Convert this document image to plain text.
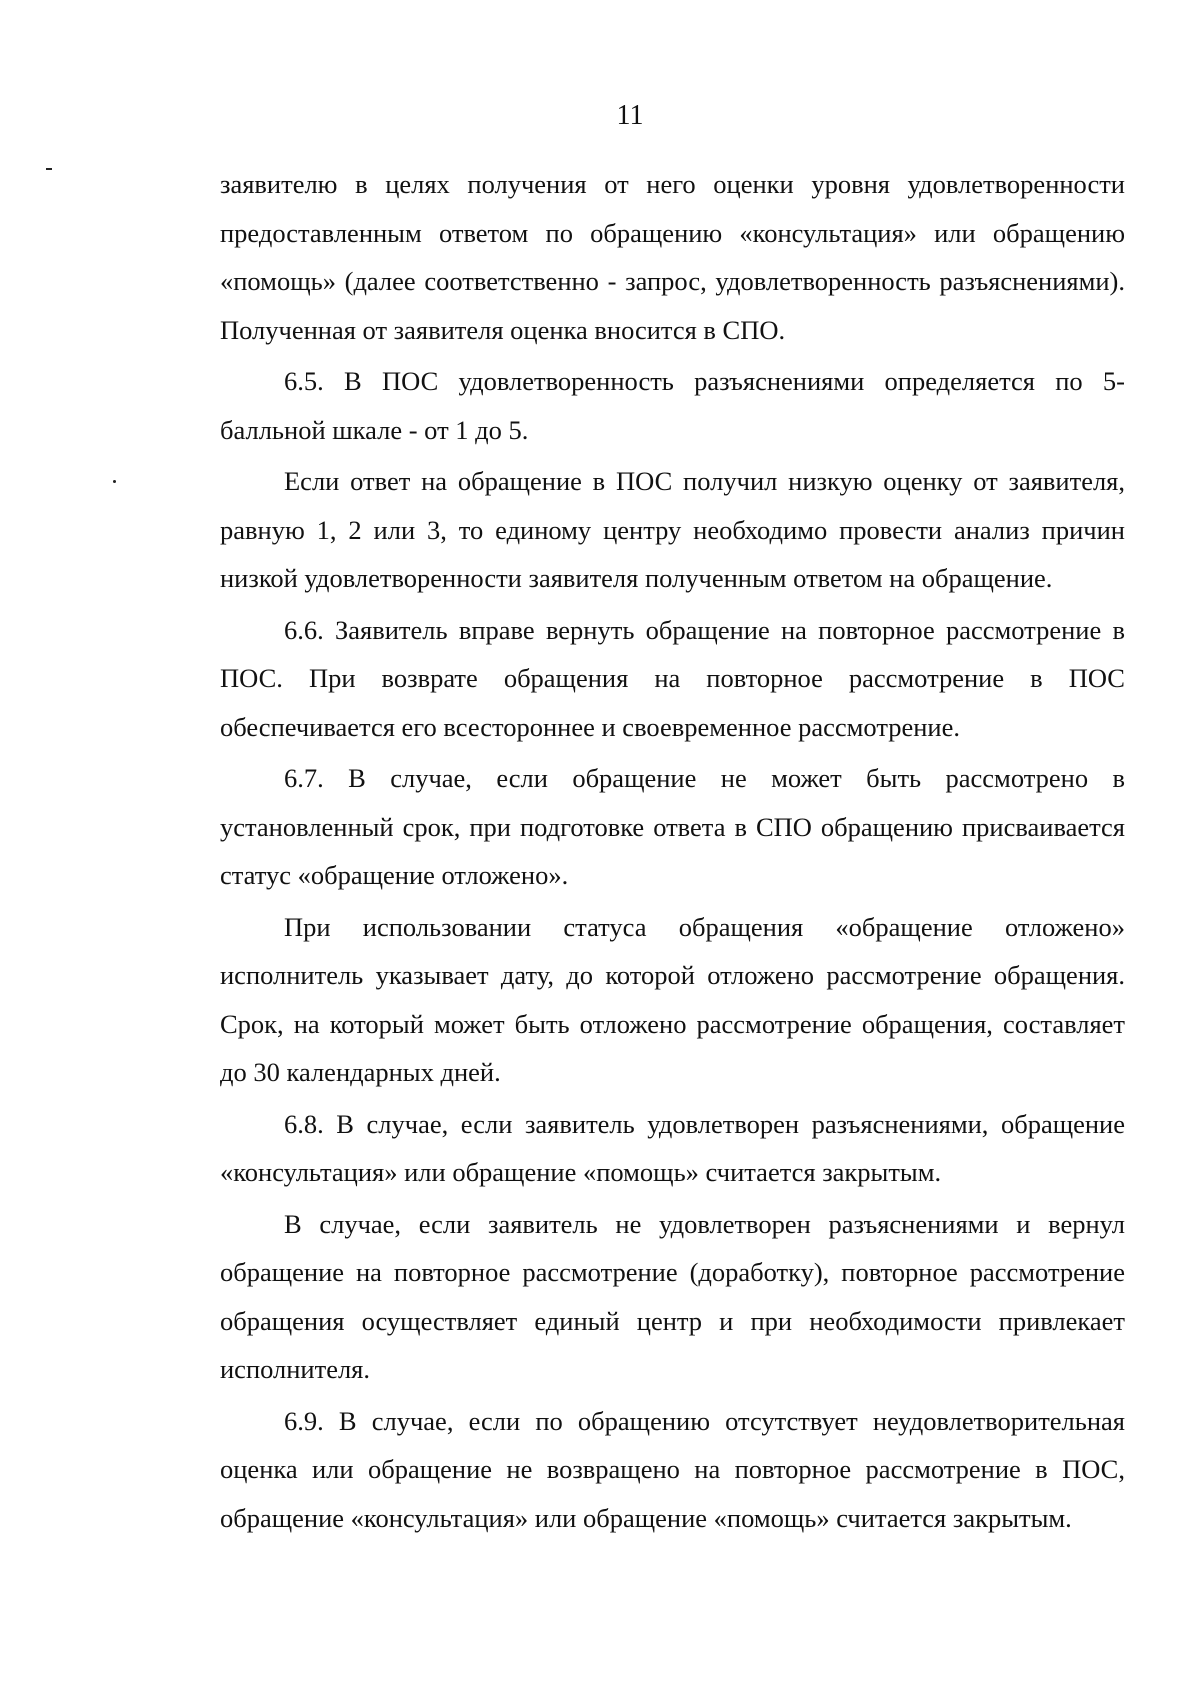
11

заявителю в целях получения от него оценки уровня удовлетворенности предоставленным ответом по обращению «консультация» или обращению «помощь» (далее соответственно - запрос, удовлетворенность разъяснениями). Полученная от заявителя оценка вносится в СПО.

6.5. В ПОС удовлетворенность разъяснениями определяется по 5-балльной шкале - от 1 до 5.

Если ответ на обращение в ПОС получил низкую оценку от заявителя, равную 1, 2 или 3, то единому центру необходимо провести анализ причин низкой удовлетворенности заявителя полученным ответом на обращение.

6.6. Заявитель вправе вернуть обращение на повторное рассмотрение в ПОС. При возврате обращения на повторное рассмотрение в ПОС обеспечивается его всестороннее и своевременное рассмотрение.

6.7. В случае, если обращение не может быть рассмотрено в установленный срок, при подготовке ответа в СПО обращению присваивается статус «обращение отложено».

При использовании статуса обращения «обращение отложено» исполнитель указывает дату, до которой отложено рассмотрение обращения. Срок, на который может быть отложено рассмотрение обращения, составляет до 30 календарных дней.

6.8. В случае, если заявитель удовлетворен разъяснениями, обращение «консультация» или обращение «помощь» считается закрытым.

В случае, если заявитель не удовлетворен разъяснениями и вернул обращение на повторное рассмотрение (доработку), повторное рассмотрение обращения осуществляет единый центр и при необходимости привлекает исполнителя.

6.9. В случае, если по обращению отсутствует неудовлетворительная оценка или обращение не возвращено на повторное рассмотрение в ПОС, обращение «консультация» или обращение «помощь» считается закрытым.
